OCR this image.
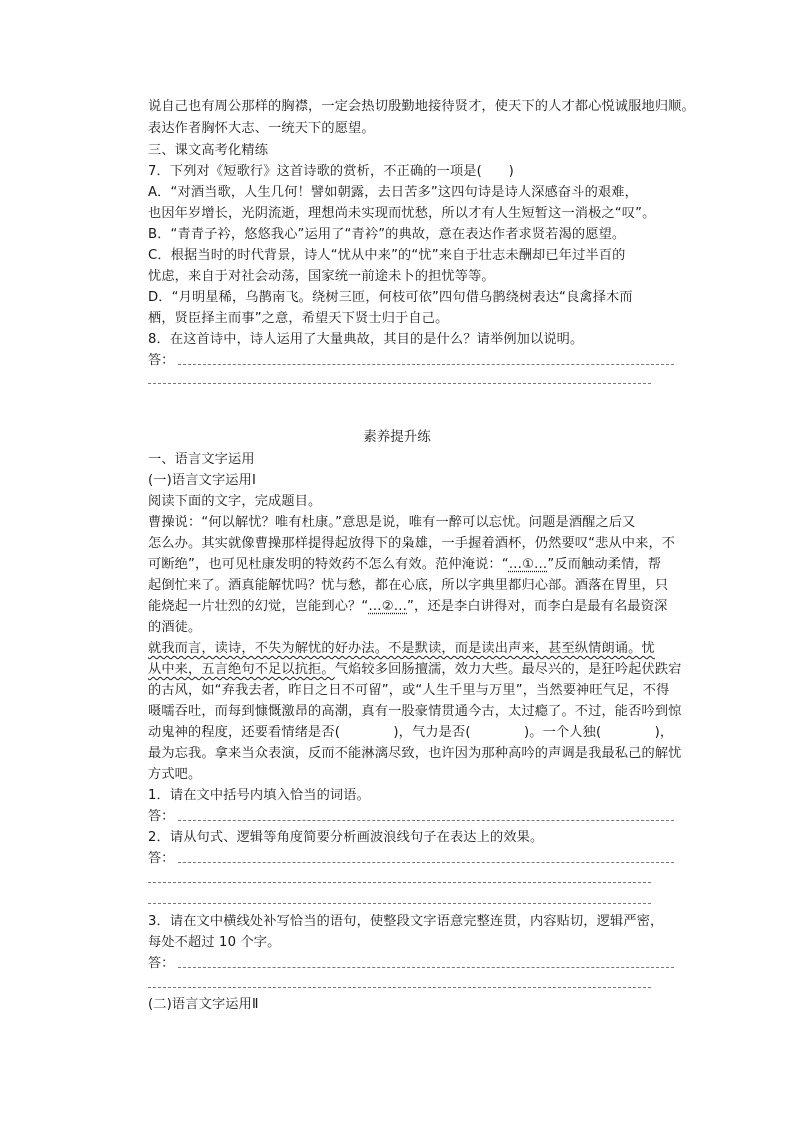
说自己也有周公那样的胸襟，一定会热切殷勤地接待贤才，使天下的人才都心悦诚服地归顺。
表达作者胸怀大志、一统天下的愿望。
三、课文高考化精练
7．下列对《短歌行》这首诗歌的赏析，不正确的一项是(　　)
A．“对酒当歌，人生几何！譬如朝露，去日苦多”这四句诗是诗人深感奋斗的艰难，
也因年岁增长，光阴流逝，理想尚未实现而忧愁，所以才有人生短暂这一消极之“叹”。
B．“青青子衿，悠悠我心”运用了“青衿”的典故，意在表达作者求贤若渴的愿望。
C．根据当时的时代背景，诗人“忧从中来”的“忧”来自于壮志未酬却已年过半百的
忧虑，来自于对社会动荡，国家统一前途未卜的担忧等等。
D．“月明星稀，乌鹊南飞。绕树三匝，何枝可依”四句借乌鹊绕树表达“良禽择木而
栖，贤臣择主而事”之意，希望天下贤士归于自己。
8．在这首诗中，诗人运用了大量典故，其目的是什么？请举例加以说明。
答：
素养提升练
一、语言文字运用
(一)语言文字运用Ⅰ
阅读下面的文字，完成题目。
曹操说：“何以解忧？唯有杜康。”意思是说，唯有一醉可以忘忧。问题是酒醒之后又
怎么办。其实就像曹操那样提得起放得下的枭雄，一手握着酒杯，仍然要叹“悲从中来，不
可断绝”，也可见杜康发明的特效药不怎么有效。范仲淹说：“…①…”反而触动柔情，帮
起倒忙来了。酒真能解忧吗？忧与愁，都在心底，所以字典里都归心部。酒落在胃里，只
能烧起一片壮烈的幻觉，岂能到心？“…②…”，还是李白讲得对，而李白是最有名最资深
的酒徒。
就我而言，读诗，不失为解忧的好办法。不是默读，而是读出声来，甚至纵情朗诵。忧
从中来，五言绝句不足以抗拒。气焰较多回肠擅濡，效力大些。最尽兴的，是狂吟起伏跌宕
的古风，如“弃我去者，昨日之日不可留”，或“人生千里与万里”，当然要神旺气足，不得
嗫嚅吞吐，而每到慷慨激昂的高潮，真有一股豪情贯通今古，太过瘾了。不过，能否吟到惊
动鬼神的程度，还要看情绪是否(　　　　)，气力是否(　　　　)。一个人独(　　　　)，
最为忘我。拿来当众表演，反而不能淋漓尽致，也许因为那种高吟的声调是我最私己的解忧
方式吧。
1．请在文中括号内填入恰当的词语。
答：
2．请从句式、逻辑等角度简要分析画波浪线句子在表达上的效果。
答：
3．请在文中横线处补写恰当的语句，使整段文字语意完整连贯，内容贴切，逻辑严密，
每处不超过 10 个字。
答：
(二)语言文字运用Ⅱ
